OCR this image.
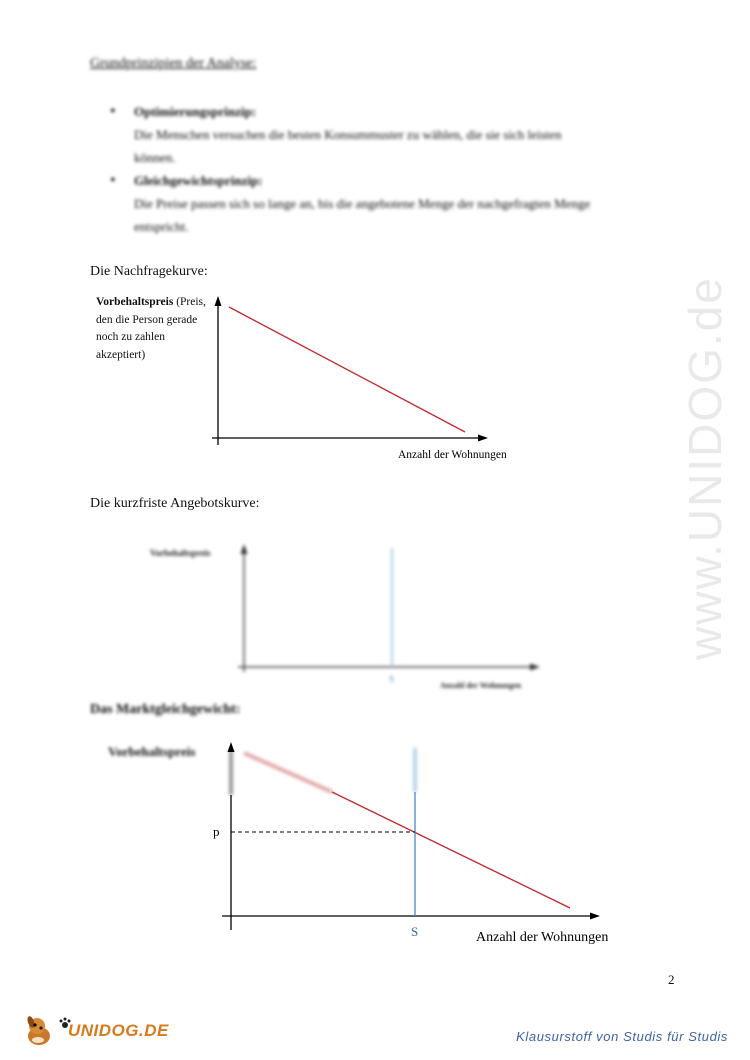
www.UNIDOG.de
Grundprinzipien der Analyse:
• Optimierungsprinzip:
Die Menschen versuchen die besten Konsummuster zu wählen, die sie sich leisten
können.
• Gleichgewichtsprinzip:
Die Preise passen sich so lange an, bis die angebotene Menge der nachgefragten Menge
entspricht.
Die Nachfragekurve:
Vorbehaltspreis (Preis,
den die Person gerade
noch zu zahlen
akzeptiert)
Anzahl der Wohnungen
Die kurzfriste Angebotskurve:
Vorbehaltspreis
S
Anzahl der Wohnungen
Das Marktgleichgewicht:
Vorbehaltspreis
p
S	Anzahl der Wohnungen
2
UNIDOG.DE	Klausurstoff von Studis für Studis
